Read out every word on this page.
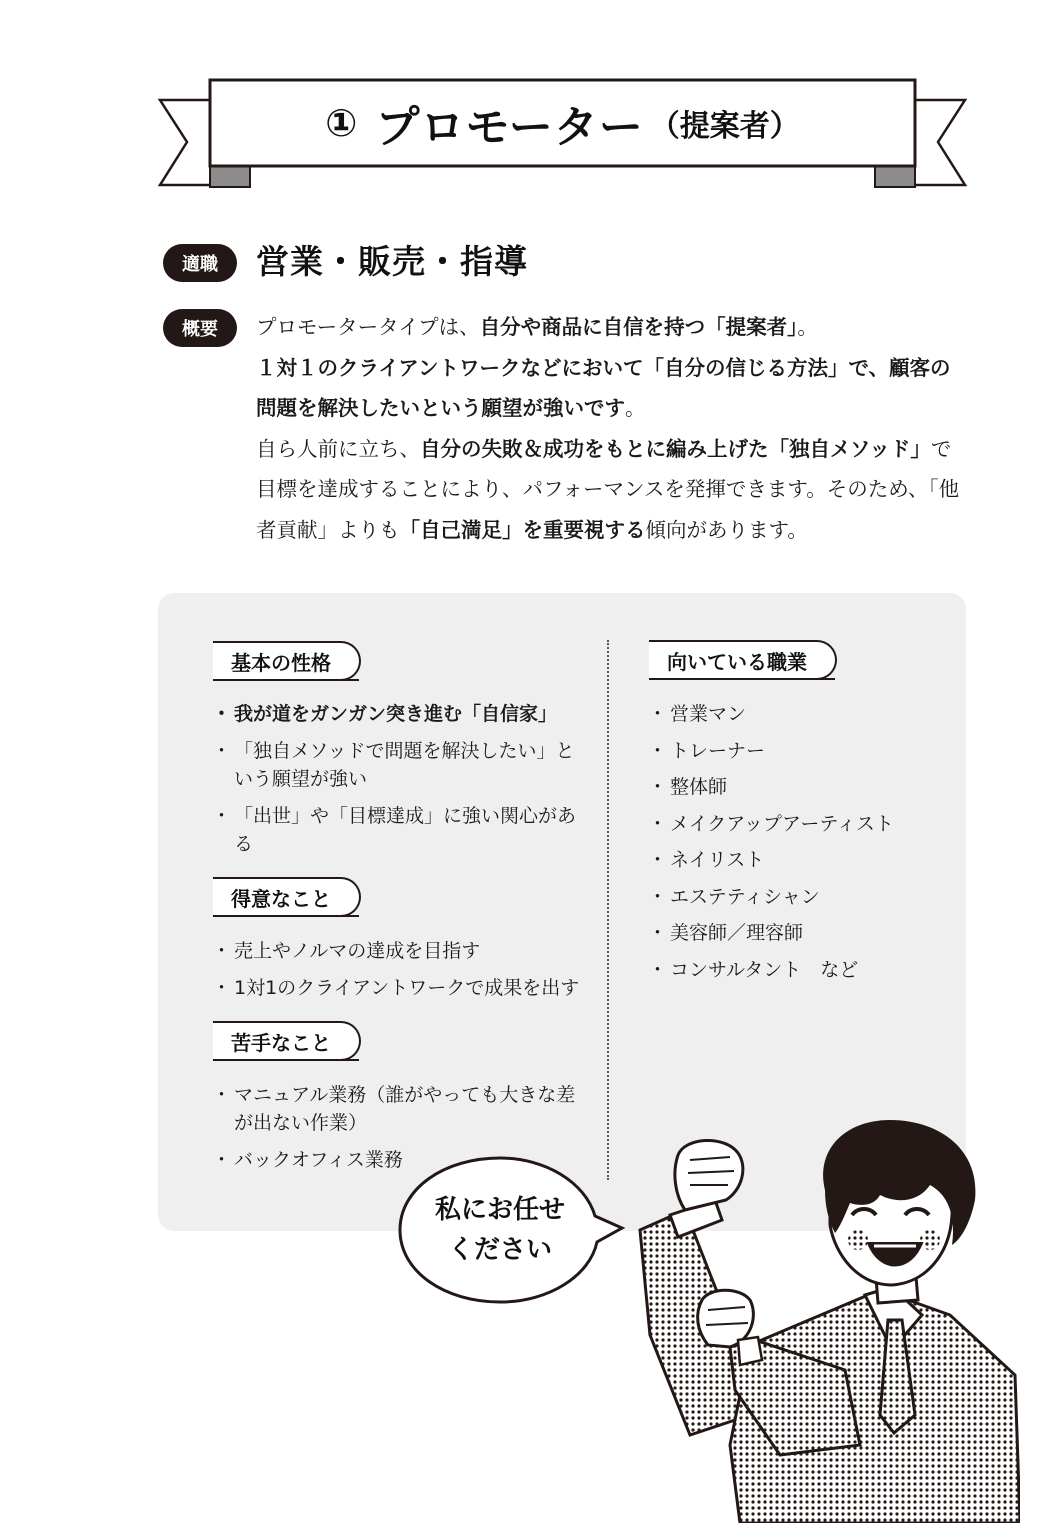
① プロモーター （提案者）
適職	営業・販売・指導
概要	プロモータータイプは、自分や商品に自信を持つ「提案者」。

１対１のクライアントワークなどにおいて「自分の信じる方法」で、顧客の問題を解決したいという願望が強いです。

自ら人前に立ち、自分の失敗＆成功をもとに編み上げた「独自メソッド」で目標を達成することにより、パフォーマンスを発揮できます。そのため、「他者貢献」よりも「自己満足」を重要視する傾向があります。

基本の性格
・ 我が道をガンガン突き進む「自信家」
・ 「独自メソッドで問題を解決したい」という願望が強い
・ 「出世」や「目標達成」に強い関心がある
得意なこと
・ 売上やノルマの達成を目指す
・ 1対1のクライアントワークで成果を出す
苦手なこと
・ マニュアル業務（誰がやっても大きな差が出ない作業）
・ バックオフィス業務
向いている職業
・ 営業マン
・ トレーナー
・ 整体師
・ メイクアップアーティスト
・ ネイリスト
・ エステティシャン
・ 美容師／理容師
・ コンサルタント　など
私にお任せ
ください
